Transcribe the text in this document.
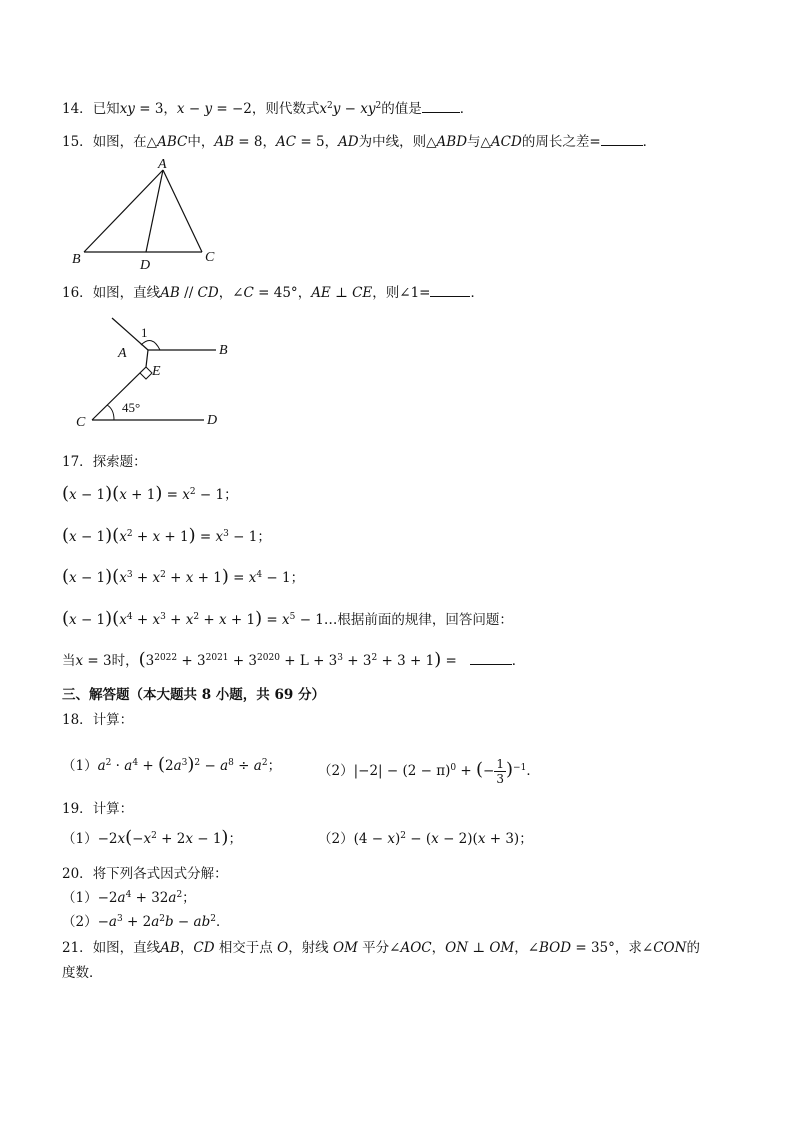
14．已知xy = 3，x − y = −2，则代数式$x^2y - xy^2$的值是	．
15．如图，在△ABC中，AB = 8，AC = 5，AD为中线，则△ABD与△ACD的周长之差=	．
A
B	C
D
16．如图，直线AB // CD，∠C = 45°，AE ⊥ CE，则∠1=	．
1
A	B
E
45°
C	D
17．探索题：
$(x - 1)(x + 1) = x^2 - 1$；
$(x - 1)(x^2 + x + 1) = x^3 - 1$；
$(x - 1)(x^3 + x^2 + x + 1) = x^4 - 1$；
$(x - 1)(x^4 + x^3 + x^2 + x + 1) = x^5$ − 1…根据前面的规律，回答问题：
当x = 3时，$(3^{2022} + 3^{2021} + 3^{2020} + L + 3^3 + 3^2 + 3 + 1)$ =	．
三、解答题（本大题共 8 小题，共 69 分）
18．计算：
$(1)a^2 \cdot a^4 + (2a^3)^2 - a^8 \div a^2$；	$(2)|-2| - (2 - \pi)^0$ + (− $\frac{1}{3} )^{-1}$．
19．计算：
$(1)-2x(-x^2 + 2x - 1)$；	$(2)(4 - x)^2 - (x - 2)(x + 3)$；
20．将下列各式因式分解：
$(1)-2a^4 + 32a^2$；
$(2)-a^3 + 2a^2b - ab^2$．
21．如图，直线AB，CD 相交于点 O，射线 OM 平分∠AOC，ON ⊥ OM，∠BOD = 35°，求∠CON的
度数．
